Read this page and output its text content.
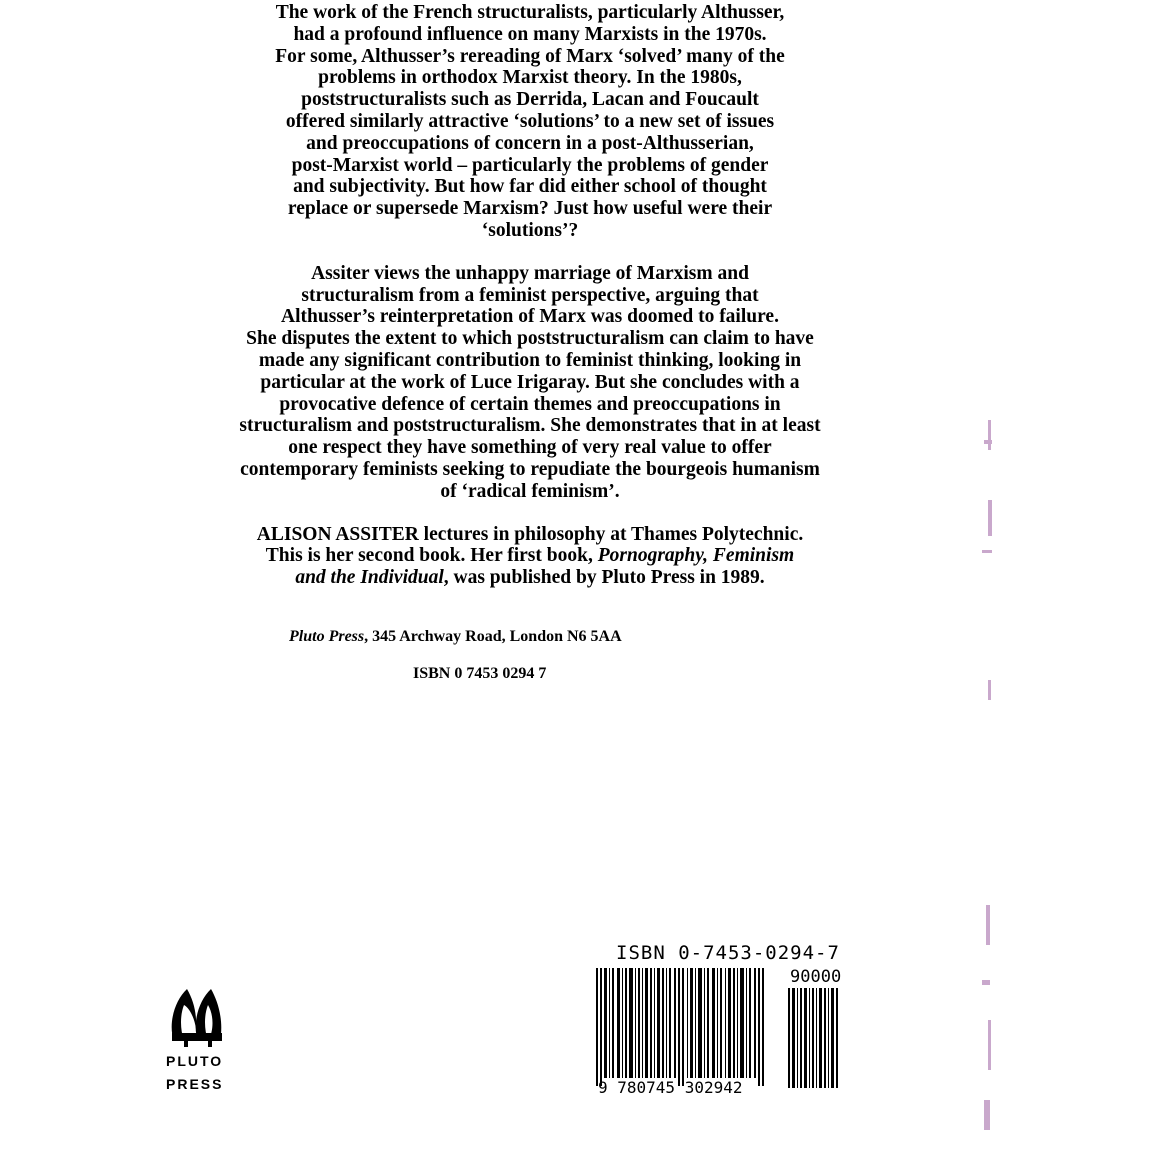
The work of the French structuralists, particularly Althusser,
had a profound influence on many Marxists in the 1970s.
For some, Althusser’s rereading of Marx ‘solved’ many of the
problems in orthodox Marxist theory. In the 1980s,
poststructuralists such as Derrida, Lacan and Foucault
offered similarly attractive ‘solutions’ to a new set of issues
and preoccupations of concern in a post-Althusserian,
post-Marxist world – particularly the problems of gender
and subjectivity. But how far did either school of thought
replace or supersede Marxism? Just how useful were their
‘solutions’?

Assiter views the unhappy marriage of Marxism and
structuralism from a feminist perspective, arguing that
Althusser’s reinterpretation of Marx was doomed to failure.
She disputes the extent to which poststructuralism can claim to have
made any significant contribution to feminist thinking, looking in
particular at the work of Luce Irigaray. But she concludes with a
provocative defence of certain themes and preoccupations in
structuralism and poststructuralism. She demonstrates that in at least
one respect they have something of very real value to offer
contemporary feminists seeking to repudiate the bourgeois humanism
of ‘radical feminism’.

ALISON ASSITER lectures in philosophy at Thames Polytechnic.
This is her second book. Her first book, Pornography, Feminism
and the Individual, was published by Pluto Press in 1989.

Pluto Press, 345 Archway Road, London N6 5AA
ISBN 0 7453 0294 7
PLUTO
PRESS
ISBN 0-7453-0294-7
90000
9 780745 302942
